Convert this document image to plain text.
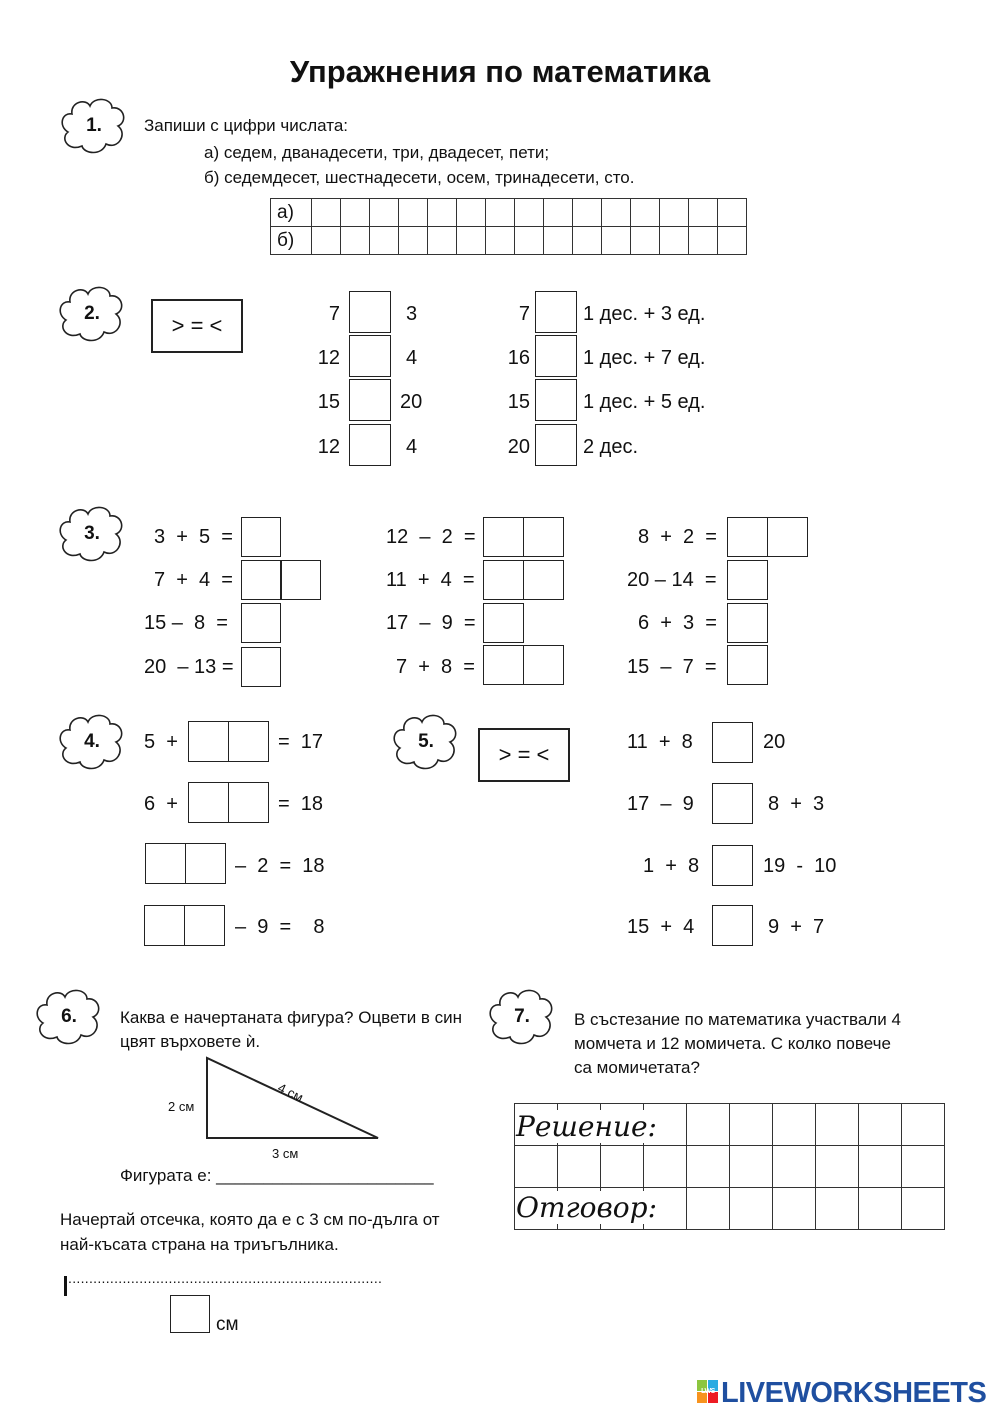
Упражнения по математика
1.	Запиши с цифри числата:
а) седем, дванадесети, три, двадесет, пети;
б) седемдесет, шестнадесети, осем, тринадесети, сто.
а)															
б)															
2.	> = <	7	3
12	4
15	20
12	4
7	1 дес. + 3 ед.
16	1 дес. + 7 ед.
15	1 дес. + 5 ед.
20	2 дес.
3.	3  +  5  =
7  +  4  =
15 –  8  =
20  – 13 =
12  –  2  =
11  +  4  =
17  –  9  =
7  +  8  =
8  +  2  =
20 – 14  =
6  +  3  =
15  –  7  =
4.	5  +	=  17
6  +	=  18
–  2  =  18
–  9  =    8
5.
> = <	11  +  8	20
17  –  9	8  +  3
1  +  8	19  -  10
15  +  4	9  +  7
6.	Каква е начертаната фигура? Оцвети в син
цвят върховете ѝ.
4 см
2 см
3 см
Фигурата е: _______________________
Начертай отсечка, която да е с 3 см по-дълга от
най-късата страна на триъгълника.
...........................................................................
см
7.	В състезание по математика участвали 4
момчета и 12 момичета. С колко повече
са момичетата?

Решение:
Отговор:
LWS LIVEWORKSHEETS
